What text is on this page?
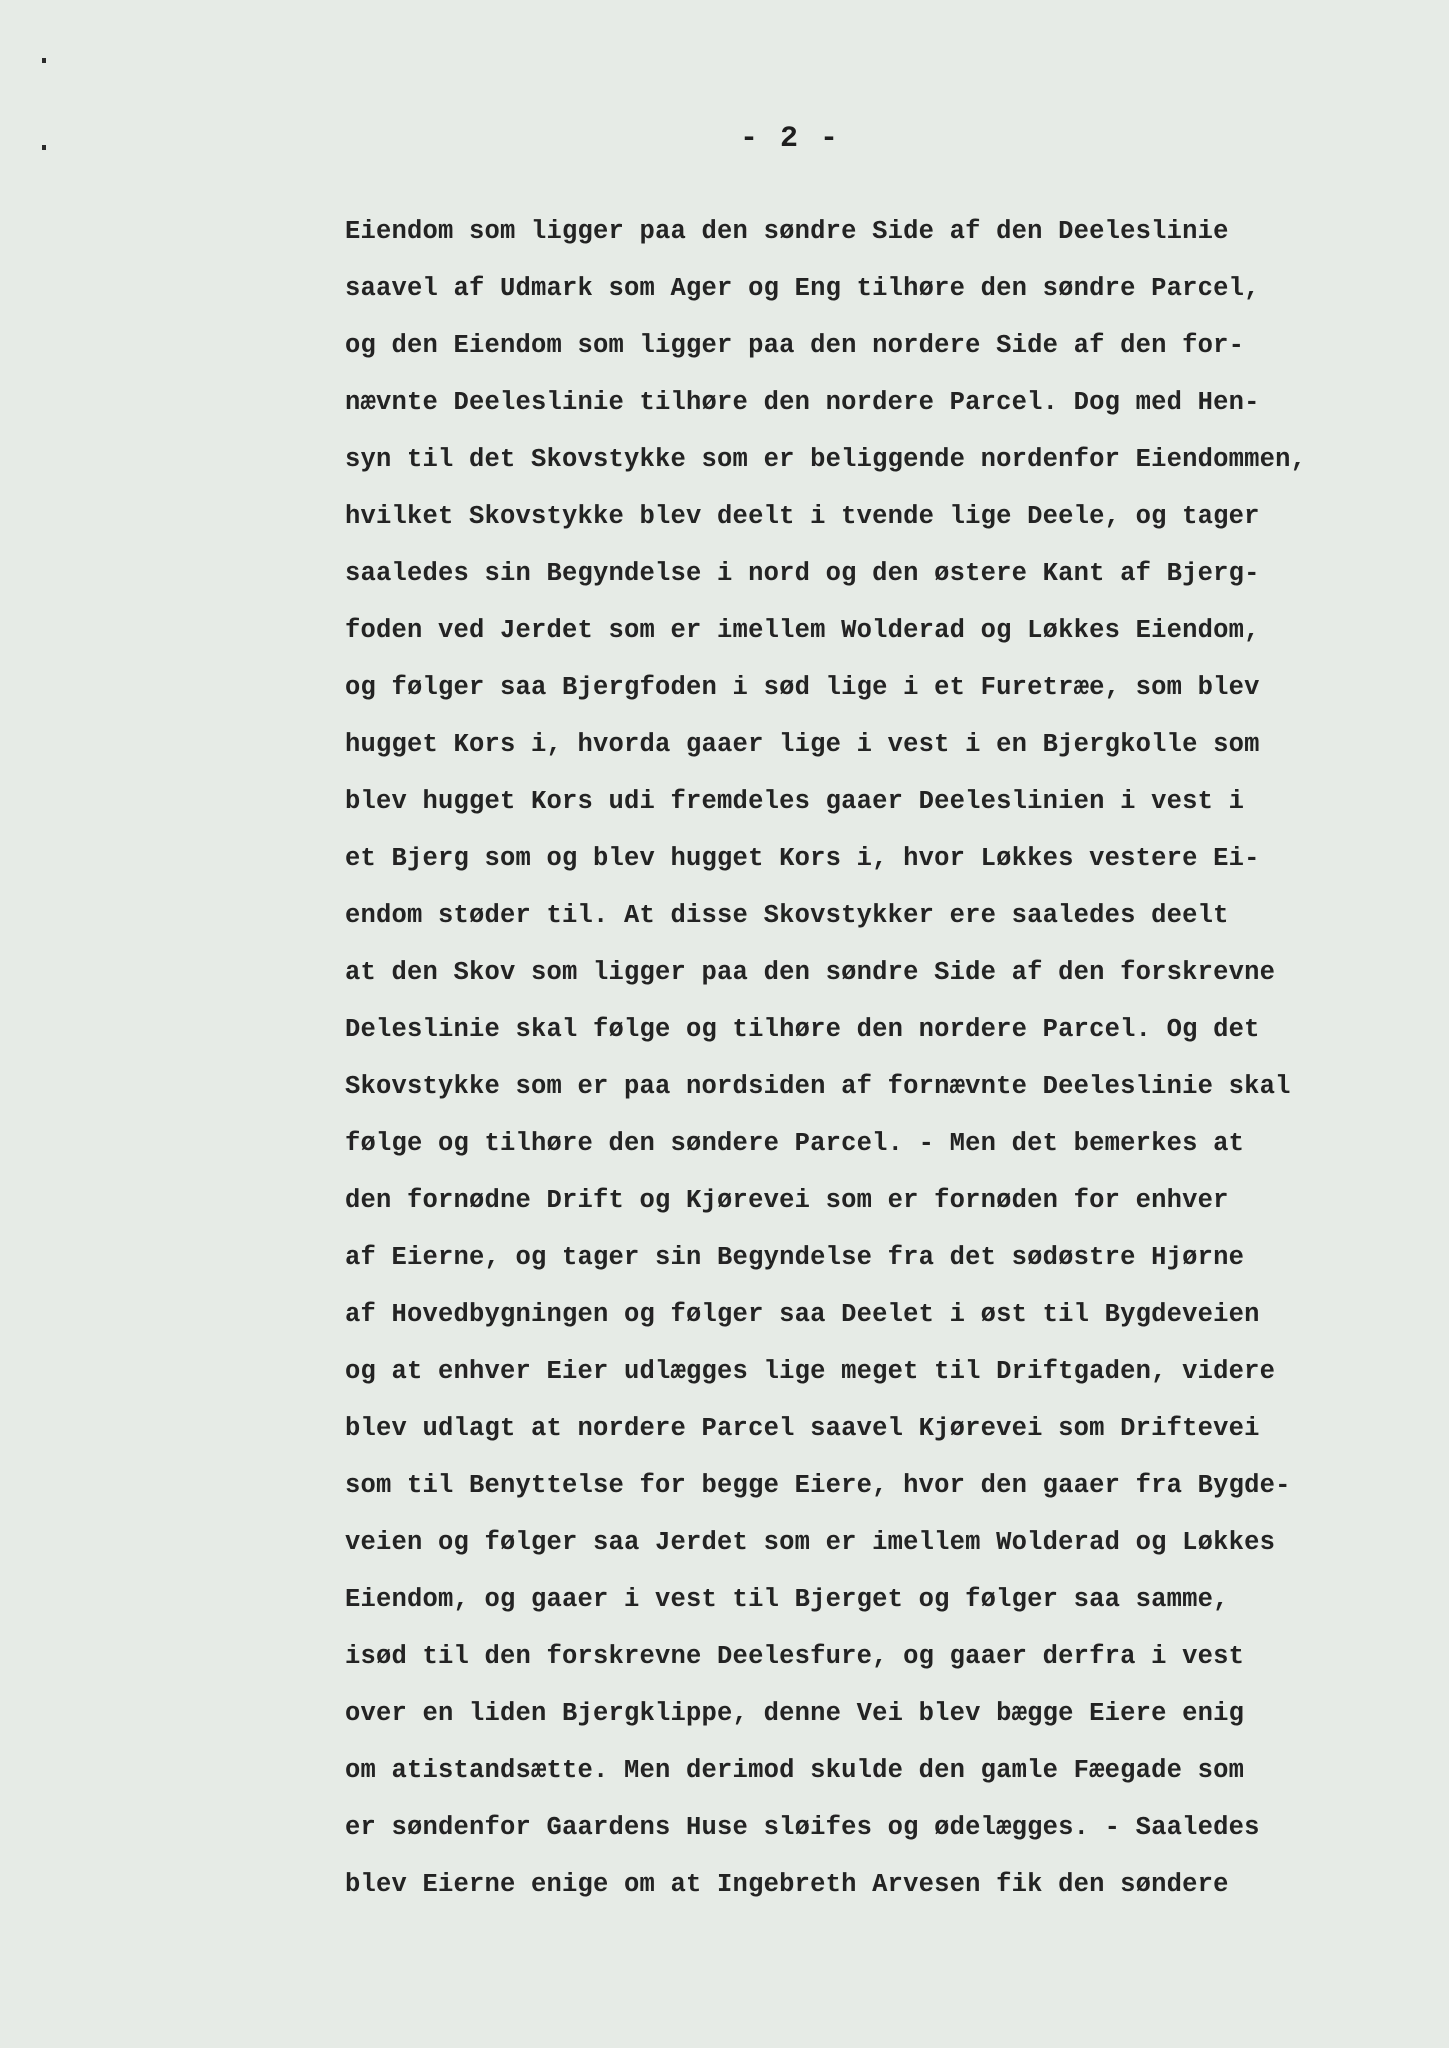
- 2 -
Eiendom som ligger paa den søndre Side af den Deeleslinie
saavel af Udmark som Ager og Eng tilhøre den søndre Parcel,
og den Eiendom som ligger paa den nordere Side af den for-
nævnte Deeleslinie tilhøre den nordere Parcel. Dog med Hen-
syn til det Skovstykke som er beliggende nordenfor Eiendommen,
hvilket Skovstykke blev deelt i tvende lige Deele, og tager
saaledes sin Begyndelse i nord og den østere Kant af Bjerg-
foden ved Jerdet som er imellem Wolderad og Løkkes Eiendom,
og følger saa Bjergfoden i sød lige i et Furetræe, som blev
hugget Kors i, hvorda gaaer lige i vest i en Bjergkolle som
blev hugget Kors udi fremdeles gaaer Deeleslinien i vest i
et Bjerg som og blev hugget Kors i, hvor Løkkes vestere Ei-
endom støder til. At disse Skovstykker ere saaledes deelt
at den Skov som ligger paa den søndre Side af den forskrevne
Deleslinie skal følge og tilhøre den nordere Parcel. Og det
Skovstykke som er paa nordsiden af fornævnte Deeleslinie skal
følge og tilhøre den søndere Parcel. - Men det bemerkes at
den fornødne Drift og Kjørevei som er fornøden for enhver
af Eierne, og tager sin Begyndelse fra det sødøstre Hjørne
af Hovedbygningen og følger saa Deelet i øst til Bygdeveien
og at enhver Eier udlægges lige meget til Driftgaden, videre
blev udlagt at nordere Parcel saavel Kjørevei som Driftevei
som til Benyttelse for begge Eiere, hvor den gaaer fra Bygde-
veien og følger saa Jerdet som er imellem Wolderad og Løkkes
Eiendom, og gaaer i vest til Bjerget og følger saa samme,
isød til den forskrevne Deelesfure, og gaaer derfra i vest
over en liden Bjergklippe, denne Vei blev bægge Eiere enig
om atistandsætte. Men derimod skulde den gamle Fæegade som
er søndenfor Gaardens Huse sløifes og ødelægges. - Saaledes
blev Eierne enige om at Ingebreth Arvesen fik den søndere
